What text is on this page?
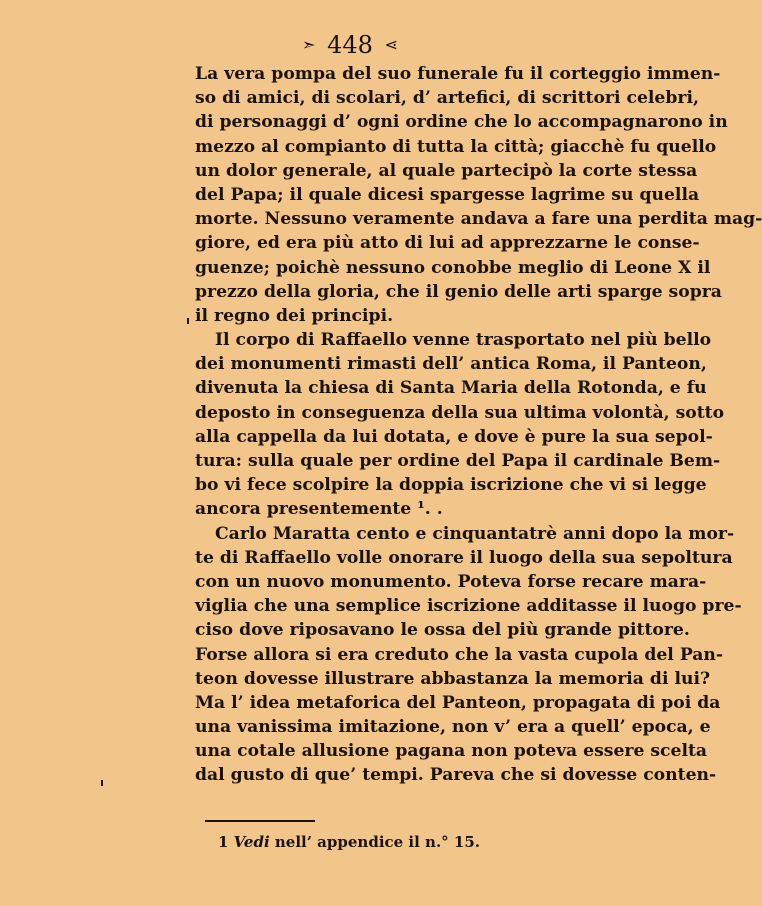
➣ 448 ⋖
La vera pompa del suo funerale fu il corteggio immen-
so di amici, di scolari, d’ artefici, di scrittori celebri,
di personaggi d’ ogni ordine che lo accompagnarono in
mezzo al compianto di tutta la città; giacchè fu quello
un dolor generale, al quale partecipò la corte stessa
del Papa; il quale dicesi spargesse lagrime su quella
morte. Nessuno veramente andava a fare una perdita mag-
giore, ed era più atto di lui ad apprezzarne le conse-
guenze; poichè nessuno conobbe meglio di Leone X il
prezzo della gloria, che il genio delle arti sparge sopra
il regno dei principi.
Il corpo di Raffaello venne trasportato nel più bello
dei monumenti rimasti dell’ antica Roma, il Panteon,
divenuta la chiesa di Santa Maria della Rotonda, e fu
deposto in conseguenza della sua ultima volontà, sotto
alla cappella da lui dotata, e dove è pure la sua sepol-
tura: sulla quale per ordine del Papa il cardinale Bem-
bo vi fece scolpire la doppia iscrizione che vi si legge
ancora presentemente ¹. .
Carlo Maratta cento e cinquantatrè anni dopo la mor-
te di Raffaello volle onorare il luogo della sua sepoltura
con un nuovo monumento. Poteva forse recare mara-
viglia che una semplice iscrizione additasse il luogo pre-
ciso dove riposavano le ossa del più grande pittore.
Forse allora si era creduto che la vasta cupola del Pan-
teon dovesse illustrare abbastanza la memoria di lui?
Ma l’ idea metaforica del Panteon, propagata di poi da
una vanissima imitazione, non v’ era a quell’ epoca, e
una cotale allusione pagana non poteva essere scelta
dal gusto di que’ tempi. Pareva che si dovesse conten-
1 Vedi nell’ appendice il n.° 15.
